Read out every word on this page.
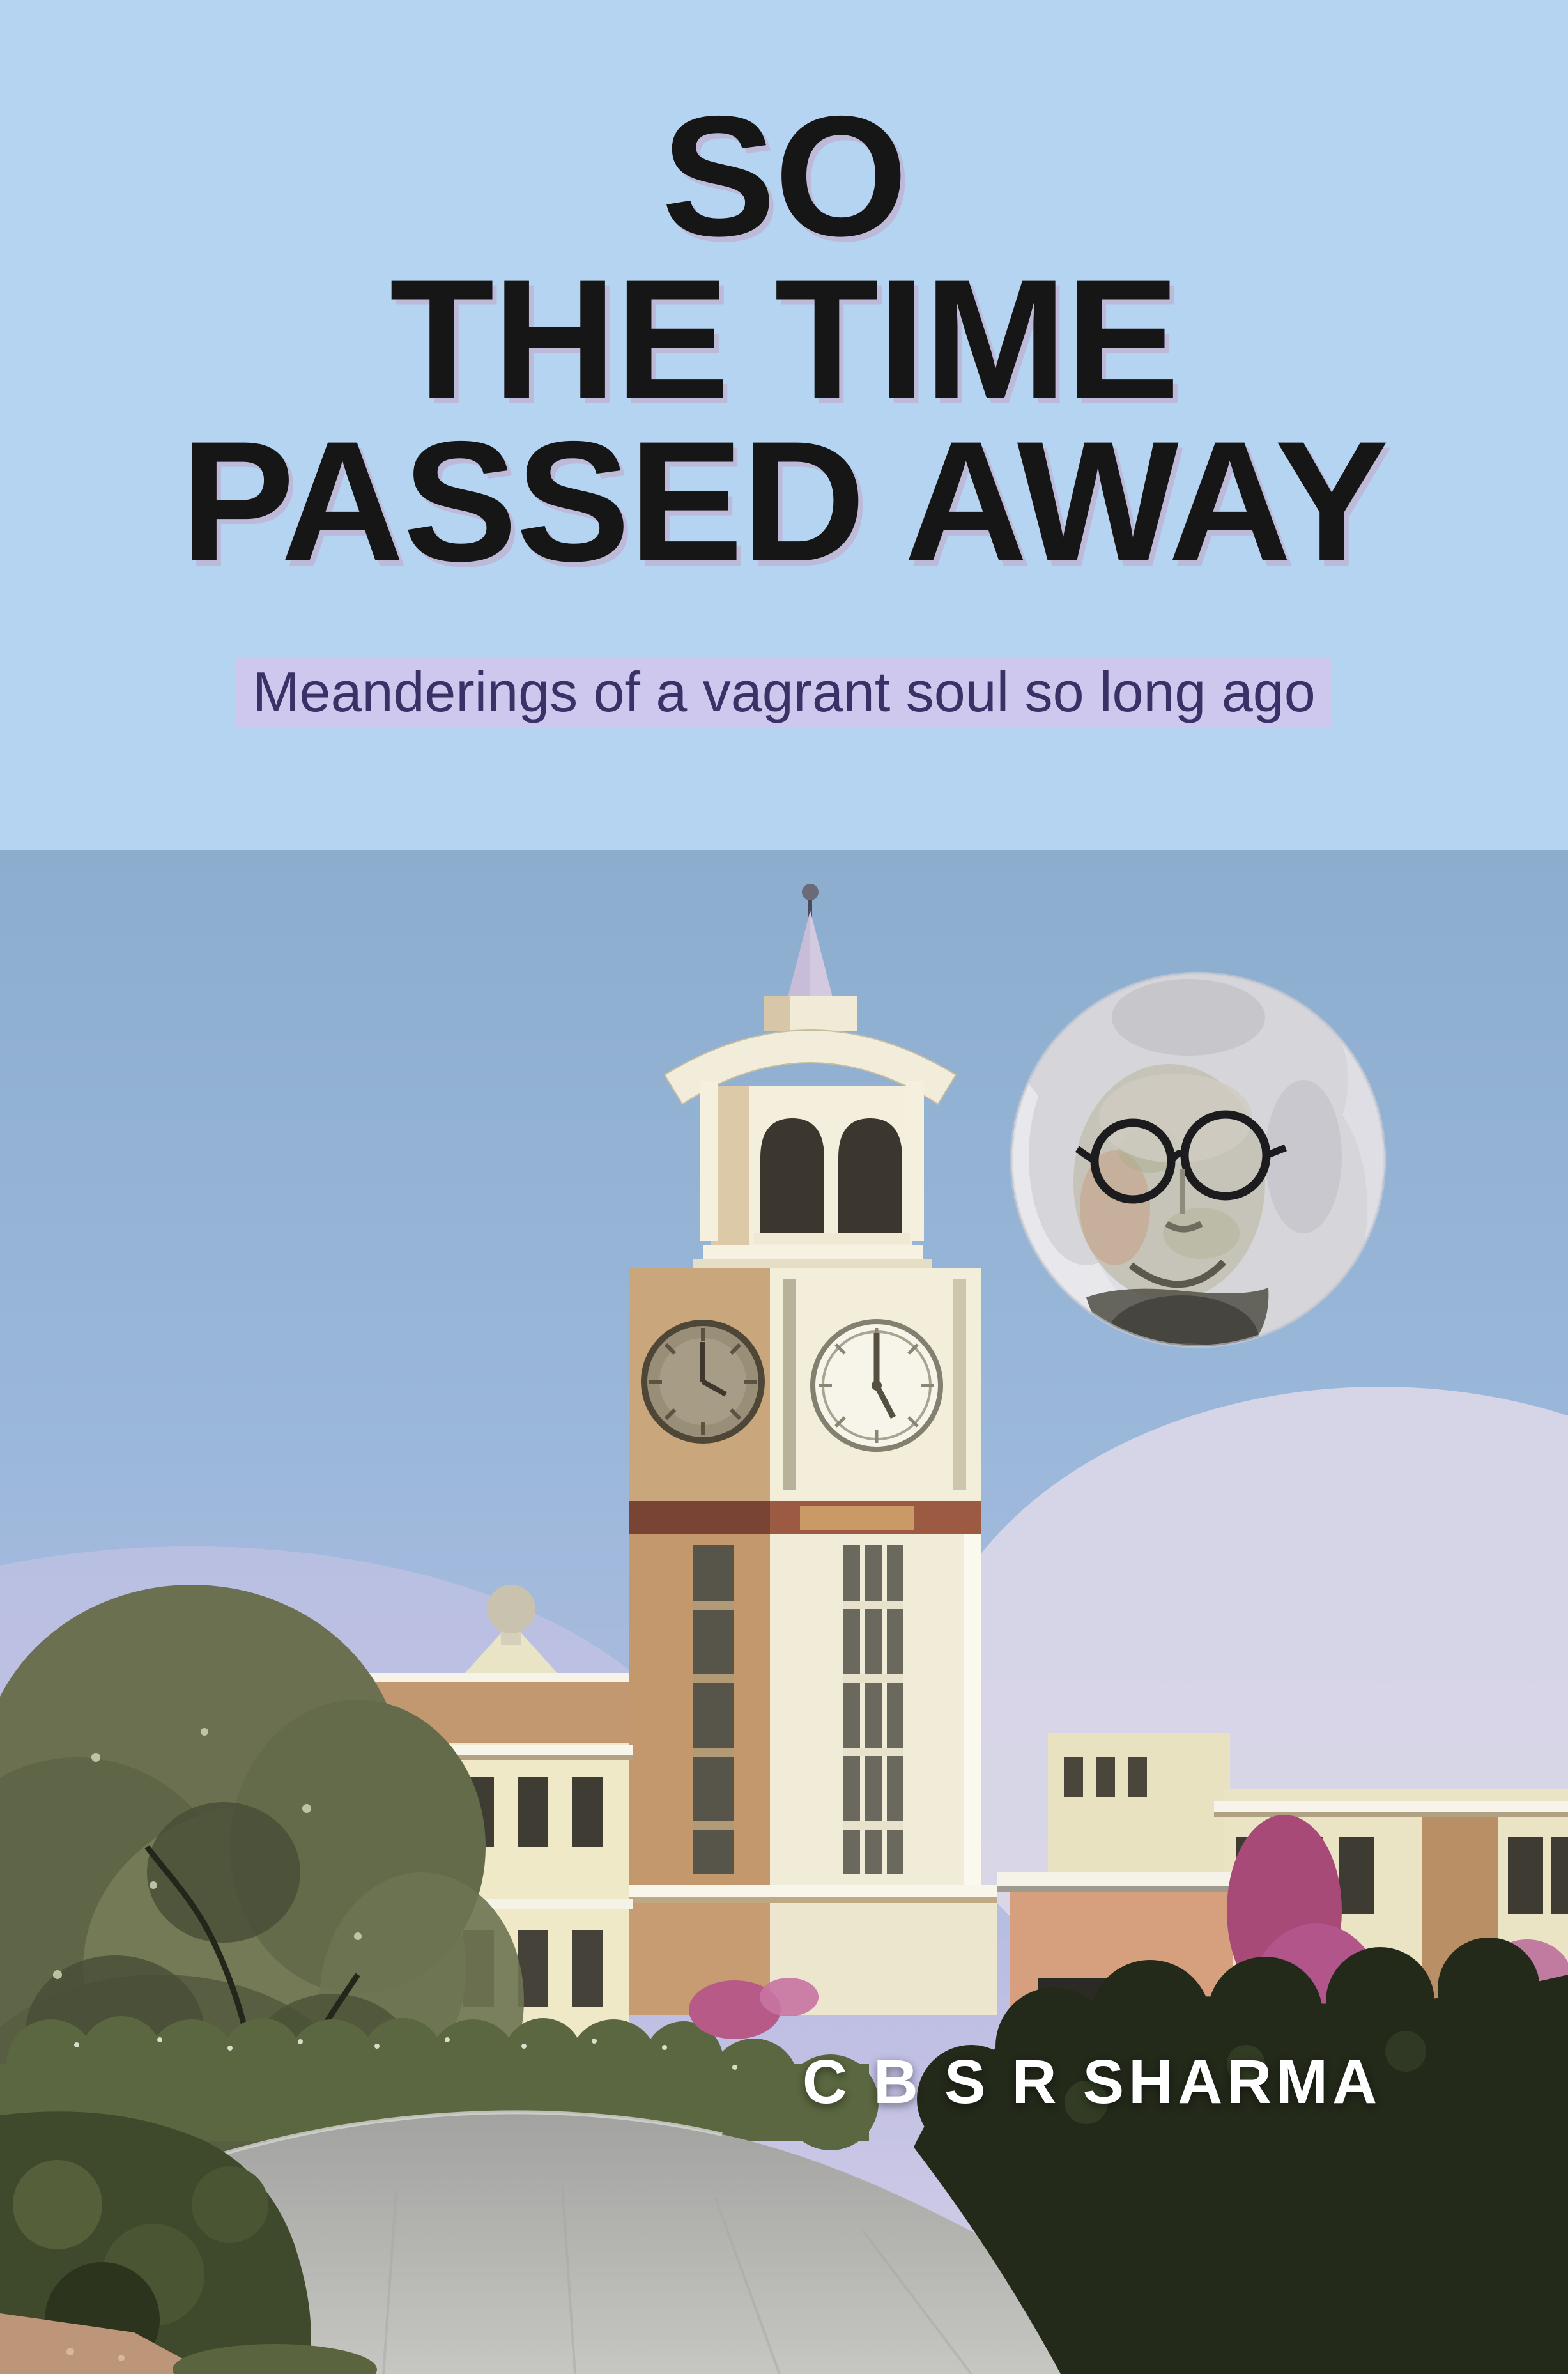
SO
THE TIME
PASSED AWAY
Meanderings of a vagrant soul so long ago
C B S R SHARMA
